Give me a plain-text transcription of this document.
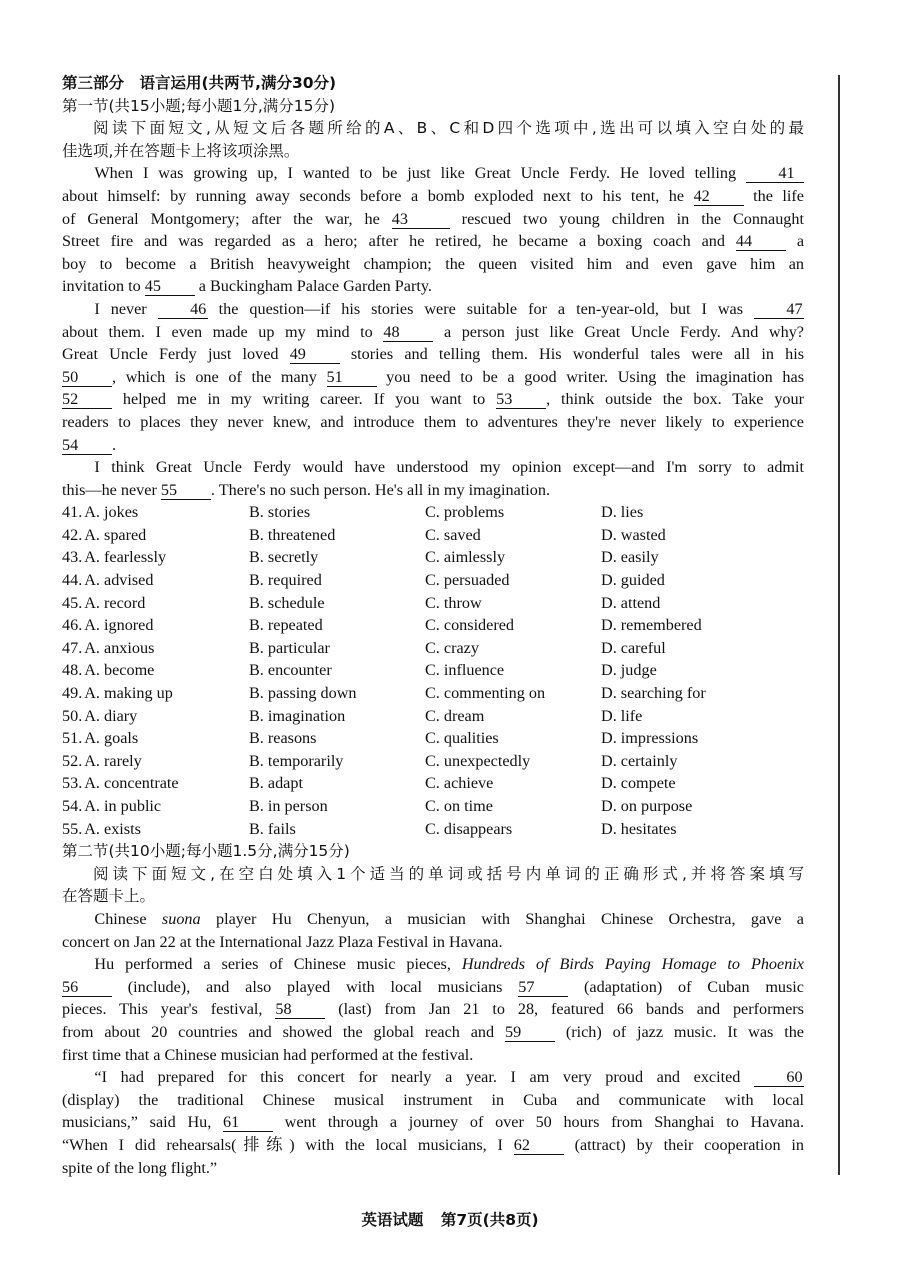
第三部分　语言运用(共两节,满分30分)
第一节(共15小题;每小题1分,满分15分)
阅读下面短文,从短文后各题所给的A、B、C和D四个选项中,选出可以填入空白处的最
佳选项,并在答题卡上将该项涂黑。
When I was growing up, I wanted to be just like Great Uncle Ferdy. He loved telling 41
about himself: by running away seconds before a bomb exploded next to his tent, he 42 the life
of General Montgomery; after the war, he 43	rescued two young children in the Connaught
Street fire and was regarded as a hero; after he retired, he became a boxing coach and 44 a
boy to become a British heavyweight champion; the queen visited him and even gave him an
invitation to 45 a Buckingham Palace Garden Party.
I never 46 the question—if his stories were suitable for a ten-year-old, but I was 47
about them. I even made up my mind to 48 a person just like Great Uncle Ferdy. And why?
Great Uncle Ferdy just loved 49 stories and telling them. His wonderful tales were all in his
50 , which is one of the many 51 you need to be a good writer. Using the imagination has
52 helped me in my writing career. If you want to 53 , think outside the box. Take your
readers to places they never knew, and introduce them to adventures they're never likely to experience
54 .
I think Great Uncle Ferdy would have understood my opinion except—and I'm sorry to admit
this—he never 55 . There's no such person. He's all in my imagination.
41. A. jokes	B. stories	C. problems	D. lies
42. A. spared	B. threatened	C. saved	D. wasted
43. A. fearlessly	B. secretly	C. aimlessly	D. easily
44. A. advised	B. required	C. persuaded	D. guided
45. A. record	B. schedule	C. throw	D. attend
46. A. ignored	B. repeated	C. considered	D. remembered
47. A. anxious	B. particular	C. crazy	D. careful
48. A. become	B. encounter	C. influence	D. judge
49. A. making up	B. passing down	C. commenting on	D. searching for
50. A. diary	B. imagination	C. dream	D. life
51. A. goals	B. reasons	C. qualities	D. impressions
52. A. rarely	B. temporarily	C. unexpectedly	D. certainly
53. A. concentrate	B. adapt	C. achieve	D. compete
54. A. in public	B. in person	C. on time	D. on purpose
55. A. exists	B. fails	C. disappears	D. hesitates
第二节(共10小题;每小题1.5分,满分15分)
阅读下面短文,在空白处填入1个适当的单词或括号内单词的正确形式,并将答案填写
在答题卡上。
Chinese suona player Hu Chenyun, a musician with Shanghai Chinese Orchestra, gave a
concert on Jan 22 at the International Jazz Plaza Festival in Havana.
Hu performed a series of Chinese music pieces, Hundreds of Birds Paying Homage to Phoenix
56 (include), and also played with local musicians 57 (adaptation) of Cuban music
pieces. This year's festival, 58 (last) from Jan 21 to 28, featured 66 bands and performers
from about 20 countries and showed the global reach and 59 (rich) of jazz music. It was the
first time that a Chinese musician had performed at the festival.
“I had prepared for this concert for nearly a year. I am very proud and excited 60
(display) the traditional Chinese musical instrument in Cuba and communicate with local
musicians,” said Hu, 61 went through a journey of over 50 hours from Shanghai to Havana.
“When I did rehearsals(排练) with the local musicians, I 62 (attract) by their cooperation in
spite of the long flight.”
英语试题 第7页(共8页)
